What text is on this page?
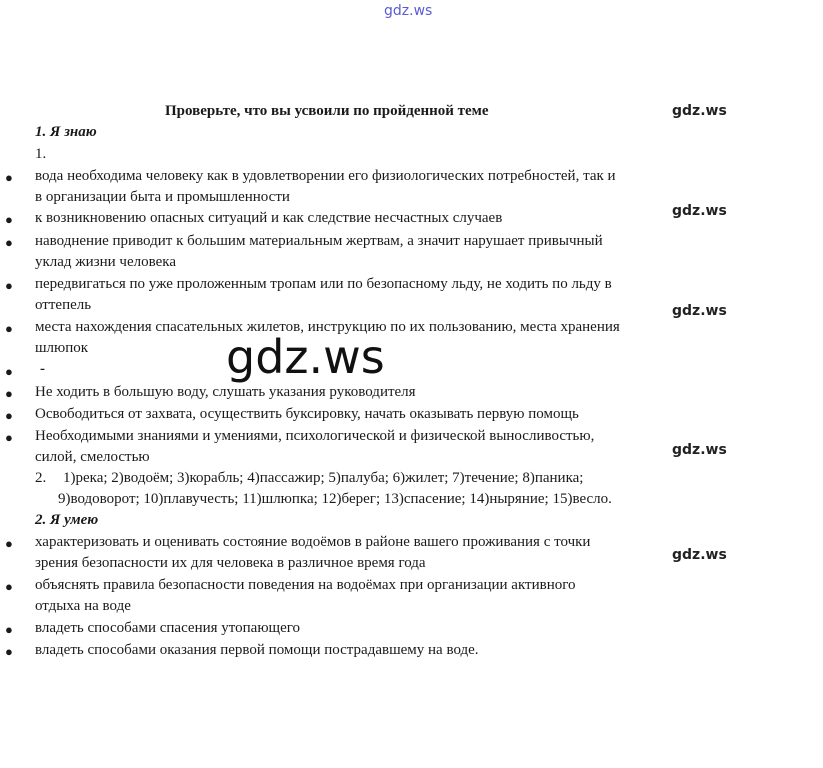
gdz.ws
gdz.ws
gdz.ws
gdz.ws
gdz.ws
gdz.ws
gdz.ws
Проверьте, что вы усвоили по пройденной теме
1. Я знаю
1.
● вода необходима человеку как в удовлетворении его физиологических потребностей, так и
в организации быта и промышленности
● к возникновению опасных ситуаций и как следствие несчастных случаев
● наводнение приводит к большим материальным жертвам, а значит нарушает привычный
уклад жизни человека
● передвигаться по уже проложенным тропам или по безопасному льду, не ходить по льду в
оттепель
● места нахождения спасательных жилетов, инструкцию по их пользованию, места хранения
шлюпок
● -
● Не ходить в большую воду, слушать указания руководителя
● Освободиться от захвата, осуществить буксировку, начать оказывать первую помощь
● Необходимыми знаниями и умениями, психологической и физической выносливостью,
силой, смелостью
2. 1)река; 2)водоём; 3)корабль; 4)пассажир; 5)палуба; 6)жилет; 7)течение; 8)паника;
9)водоворот; 10)плавучесть; 11)шлюпка; 12)берег; 13)спасение; 14)ныряние; 15)весло.
2. Я умею
● характеризовать и оценивать состояние водоёмов в районе вашего проживания с точки
зрения безопасности их для человека в различное время года
● объяснять правила безопасности поведения на водоёмах при организации активного
отдыха на воде
● владеть способами спасения утопающего
● владеть способами оказания первой помощи пострадавшему на воде.
